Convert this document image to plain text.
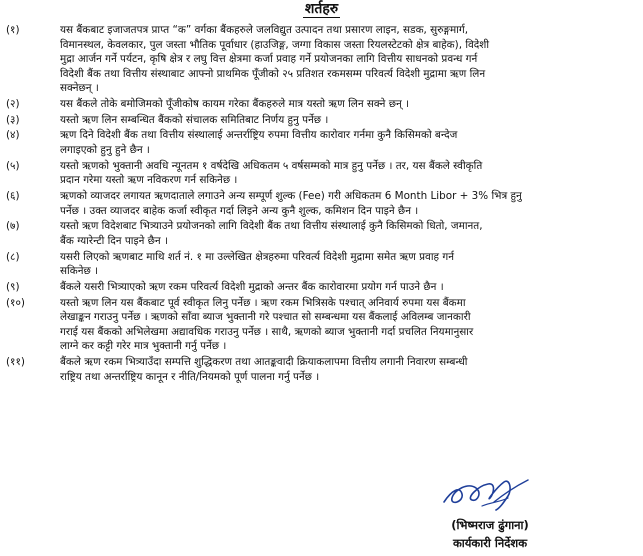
शर्तहरु
(१)	यस बैंकबाट इजाजतपत्र प्राप्त “क” वर्गका बैंकहरुले जलविद्युत उत्पादन तथा प्रसारण लाइन, सडक, सुरुङ्गमार्ग,
विमानस्थल, केवलकार, पुल जस्ता भौतिक पूर्वाधार (हाउजिङ्ग, जग्गा विकास जस्ता रियलस्टेटको क्षेत्र बाहेक), विदेशी
मुद्रा आर्जन गर्ने पर्यटन, कृषि क्षेत्र र लघु वित्त क्षेत्रमा कर्जा प्रवाह गर्ने प्रयोजनका लागि वित्तीय साधनको प्रवन्ध गर्न
विदेशी बैंक तथा वित्तीय संस्थाबाट आफ्नो प्राथमिक पूँजीको २५ प्रतिशत रकमसम्म परिवर्त्य विदेशी मुद्रामा ऋण लिन
सक्नेछन् ।
(२)	यस बैंकले तोके बमोजिमको पूँजीकोष कायम गरेका बैंकहरुले मात्र यस्तो ऋण लिन सक्ने छन् ।
(३)	यस्तो ऋण लिन सम्बन्धित बैंकको संचालक समितिबाट निर्णय हुनु पर्नेछ ।
(४)	ऋण दिने विदेशी बैंक तथा वित्तीय संस्थालाई अन्तर्राष्ट्रिय रुपमा वित्तीय कारोवार गर्नमा कुनै किसिमको बन्देज
लगाइएको हुनु हुने छैन ।
(५)	यस्तो ऋणको भुक्तानी अवधि न्यूनतम १ वर्षदेखि अधिकतम ५ वर्षसम्मको मात्र हुनु पर्नेछ । तर, यस बैंकले स्वीकृति
प्रदान गरेमा यस्तो ऋण नविकरण गर्न सकिनेछ ।
(६)	ऋणको व्याजदर लगायत ऋणदाताले लगाउने अन्य सम्पूर्ण शुल्क (Fee) गरी अधिकतम 6 Month Libor + 3% भित्र हुनु
पर्नेछ । उक्त व्याजदर बाहेक कर्जा स्वीकृत गर्दा लिइने अन्य कुनै शुल्क, कमिशन दिन पाइने छैन ।
(७)	यस्तो ऋण विदेशबाट भित्र्याउने प्रयोजनको लागि विदेशी बैंक तथा वित्तीय संस्थालाई कुनै किसिमको धितो, जमानत,
बैंक ग्यारेन्टी दिन पाइने छैन ।
(८)	यसरी लिएको ऋणबाट माथि शर्त नं. १ मा उल्लेखित क्षेत्रहरुमा परिवर्त्य विदेशी मुद्रामा समेत ऋण प्रवाह गर्न
सकिनेछ ।
(९)	बैंकले यसरी भित्र्याएको ऋण रकम परिवर्त्य विदेशी मुद्राको अन्तर बैंक कारोवारमा प्रयोग गर्न पाउने छैन ।
(१०)	यस्तो ऋण लिन यस बैंकबाट पूर्व स्वीकृत लिनु पर्नेछ । ऋण रकम भित्रिसके पश्चात् अनिवार्य रुपमा यस बैंकमा
लेखाङ्कन गराउनु पर्नेछ । ऋणको साँवा ब्याज भुक्तानी गरे पश्चात सो सम्बन्धमा यस बैंकलाई अविलम्ब जानकारी
गराई यस बैंकको अभिलेखमा अद्यावधिक गराउनु पर्नेछ । साथै, ऋणको ब्याज भुक्तानी गर्दा प्रचलित नियमानुसार
लाग्ने कर कट्टी गरेर मात्र भुक्तानी गर्नु पर्नेछ ।
(११)	बैंकले ऋण रकम भित्र्याउँदा सम्पत्ति शुद्धिकरण तथा आतङ्कवादी क्रियाकलापमा वित्तीय लगानी निवारण सम्बन्धी
राष्ट्रिय तथा अन्तर्राष्ट्रिय कानून र नीति/नियमको पूर्ण पालना गर्नु पर्नेछ ।
(भिष्मराज ढुंगाना)
कार्यकारी निर्देशक
